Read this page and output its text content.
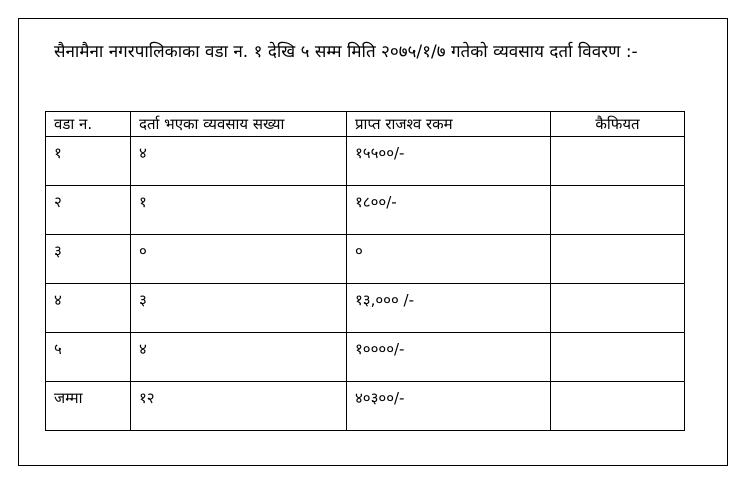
सैनामैना नगरपालिकाका वडा न. १ देखि ५ सम्म मिति २०७५/१/७ गतेको व्यवसाय दर्ता विवरण :-

वडा न.	दर्ता भएका व्यवसाय सख्या	प्राप्त राजश्व रकम	कैफियत
१	४	१५५००/-	
२	१	१८००/-	
३	०	०	
४	३	१३,००० /-	
५	४	१००००/-	
जम्मा	१२	४०३००/-	
